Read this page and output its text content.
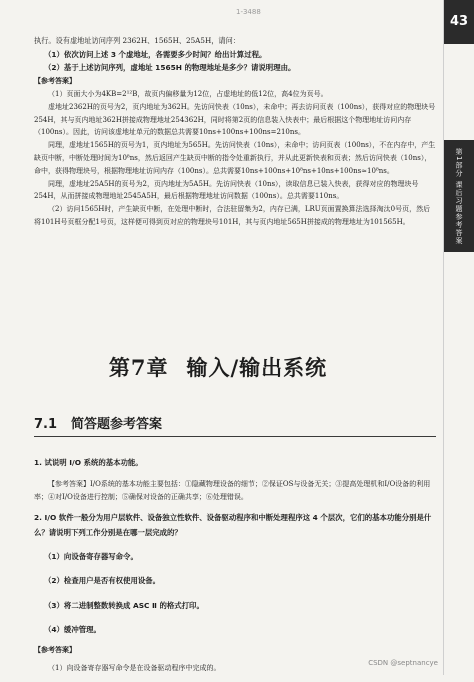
43
第1部分 课后习题参考答案
1-3488

执行。设有虚地址访问序列 2362H、1565H、25A5H，请问：

（1）依次访问上述 3 个虚地址，各需要多少时间？给出计算过程。

（2）基于上述访问序列，虚地址 1565H 的物理地址是多少？请说明理由。

【参考答案】

（1）页面大小为4KB=2¹²B，故页内偏移量为12位，占虚地址的低12位，高4位为页号。

虚地址2362H的页号为2，页内地址为362H。先访问快表（10ns），未命中；再去访问页表（100ns），获得对应的物理块号254H，其与页内地址362H拼接成物理地址254362H，同时将第2页的信息装入快表中；最后根据这个物理地址访问内存（100ns）。因此，访问该虚地址单元的数据总共需要10ns+100ns+100ns=210ns。

同理，虚地址1565H的页号为1，页内地址为565H。先访问快表（10ns），未命中；访问页表（100ns），不在内存中，产生缺页中断，中断处理时间为10⁸ns，然后返回产生缺页中断的指令处重新执行，并从此更新快表和页表；然后访问快表（10ns），命中，获得物理块号，根据物理地址访问内存（100ns）。总共需要10ns+100ns+10⁸ns+10ns+100ns≈10⁸ns。

同理，虚地址25A5H的页号为2，页内地址为5A5H。先访问快表（10ns），读取信息已装入快表，获得对应的物理块号254H，从而拼接成物理地址2545A5H，最后根据物理地址访问数据（100ns）。总共需要110ns。

（2）访问1565H时，产生缺页中断，在处理中断时，合法驻留集为2，内存已满，LRU页面置换算法选择淘汰0号页，然后将101H号页框分配1号页，这样便可得到页对应的物理块号101H，其与页内地址565H拼接成的物理地址为101565H。

第7章 输入/输出系统
7.1 简答题参考答案

1. 试说明 I/O 系统的基本功能。

【参考答案】I/O系统的基本功能主要包括：①隐藏物理设备的细节；②保证OS与设备无关；③提高处理机和I/O设备的利用率；④对I/O设备进行控制；⑤确保对设备的正确共享；⑥处理错误。

2. I/O 软件一般分为用户层软件、设备独立性软件、设备驱动程序和中断处理程序这 4 个层次，它们的基本功能分别是什么？请说明下列工作分别是在哪一层完成的？

（1）向设备寄存器写命令。

（2）检查用户是否有权使用设备。

（3）将二进制整数转换成 ASC Ⅱ 的格式打印。

（4）缓冲管理。

【参考答案】

（1）向设备寄存器写命令是在设备驱动程序中完成的。

CSDN @septnancye
